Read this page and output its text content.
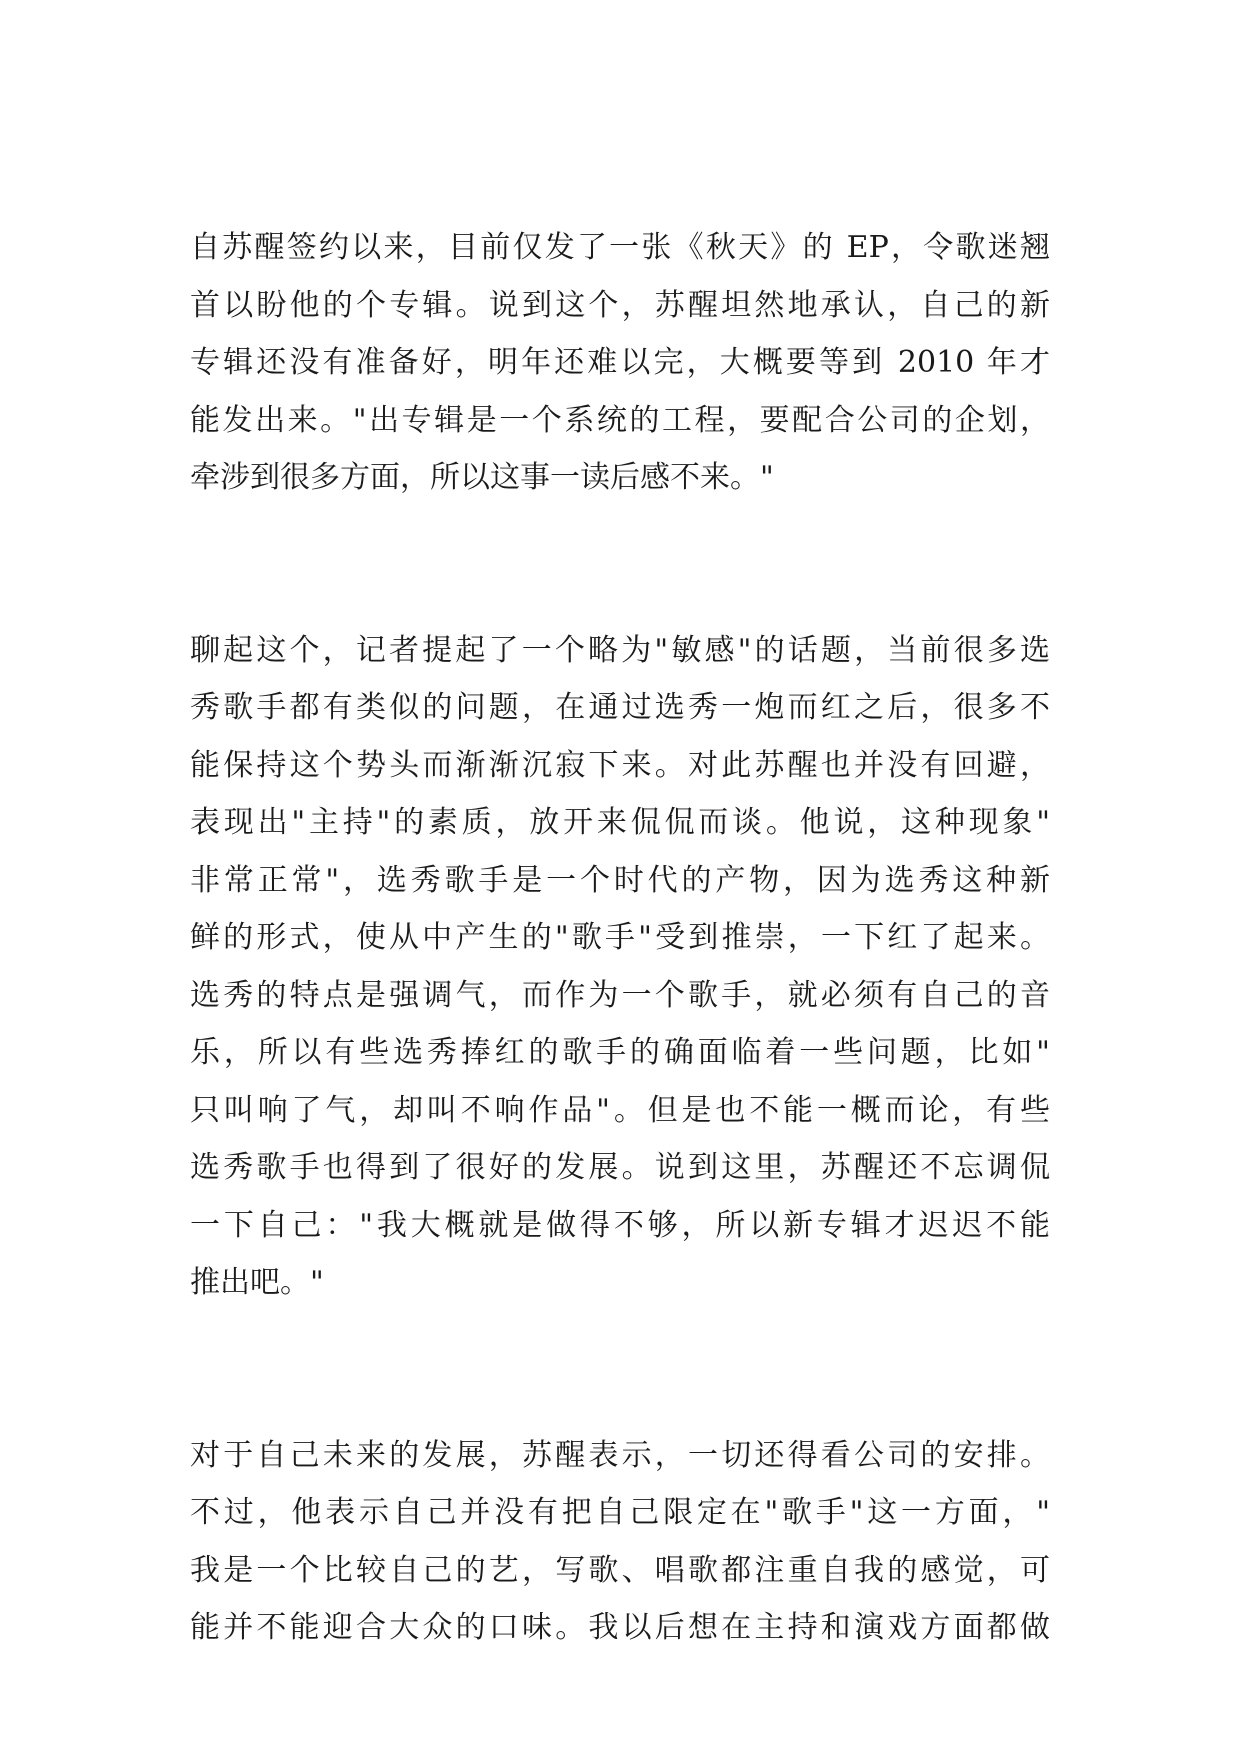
自苏醒签约以来，目前仅发了一张《秋天》的 EP，令歌迷翘
首以盼他的个专辑。说到这个，苏醒坦然地承认，自己的新
专辑还没有准备好，明年还难以完，大概要等到 2010 年才
能发出来。"出专辑是一个系统的工程，要配合公司的企划，
牵涉到很多方面，所以这事一读后感不来。"
聊起这个，记者提起了一个略为"敏感"的话题，当前很多选
秀歌手都有类似的问题，在通过选秀一炮而红之后，很多不
能保持这个势头而渐渐沉寂下来。对此苏醒也并没有回避，
表现出"主持"的素质，放开来侃侃而谈。他说，这种现象"
非常正常"，选秀歌手是一个时代的产物，因为选秀这种新
鲜的形式，使从中产生的"歌手"受到推崇，一下红了起来。
选秀的特点是强调气，而作为一个歌手，就必须有自己的音
乐，所以有些选秀捧红的歌手的确面临着一些问题，比如"
只叫响了气，却叫不响作品"。但是也不能一概而论，有些
选秀歌手也得到了很好的发展。说到这里，苏醒还不忘调侃
一下自己："我大概就是做得不够，所以新专辑才迟迟不能
推出吧。"
对于自己未来的发展，苏醒表示，一切还得看公司的安排。
不过，他表示自己并没有把自己限定在"歌手"这一方面，"
我是一个比较自己的艺，写歌、唱歌都注重自我的感觉，可
能并不能迎合大众的口味。我以后想在主持和演戏方面都做
